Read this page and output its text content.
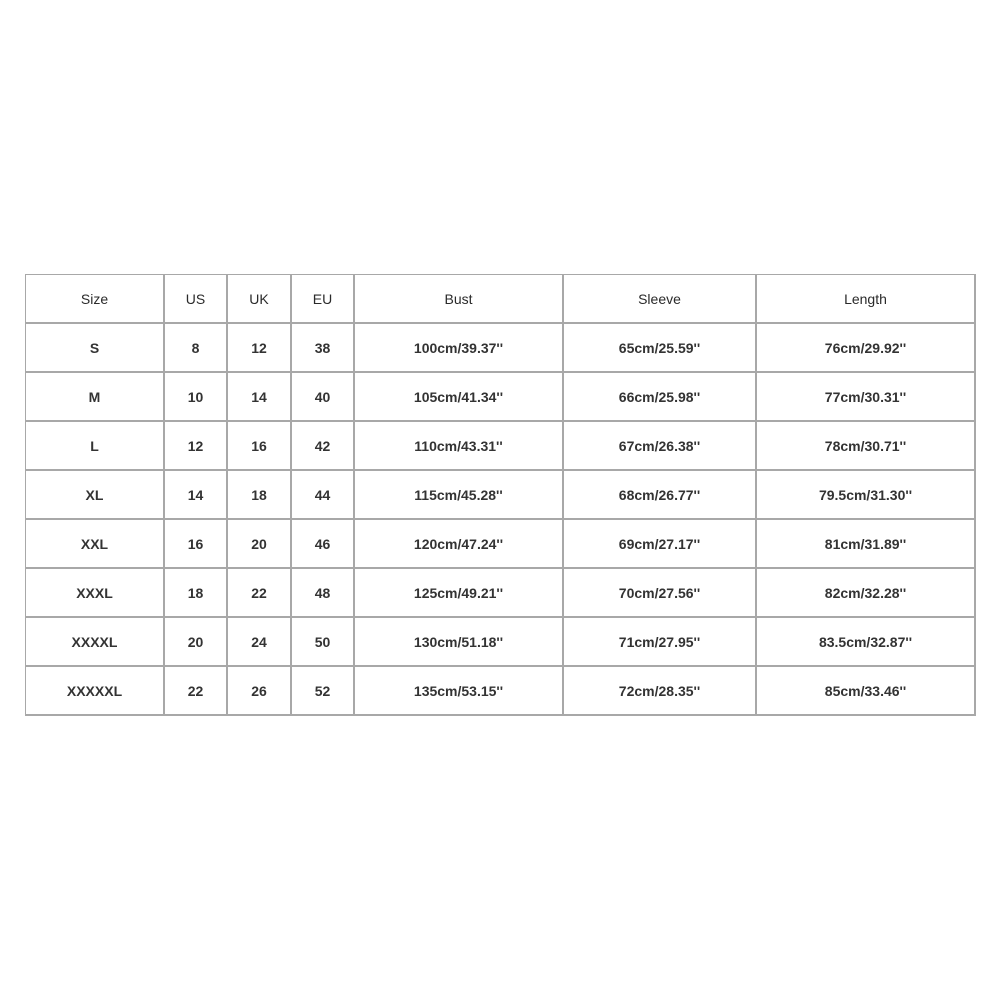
Size	US	UK	EU	Bust	Sleeve	Length
S	8	12	38	100cm/39.37''	65cm/25.59''	76cm/29.92''
M	10	14	40	105cm/41.34''	66cm/25.98''	77cm/30.31''
L	12	16	42	110cm/43.31''	67cm/26.38''	78cm/30.71''
XL	14	18	44	115cm/45.28''	68cm/26.77''	79.5cm/31.30''
XXL	16	20	46	120cm/47.24''	69cm/27.17''	81cm/31.89''
XXXL	18	22	48	125cm/49.21''	70cm/27.56''	82cm/32.28''
XXXXL	20	24	50	130cm/51.18''	71cm/27.95''	83.5cm/32.87''
XXXXXL	22	26	52	135cm/53.15''	72cm/28.35''	85cm/33.46''
